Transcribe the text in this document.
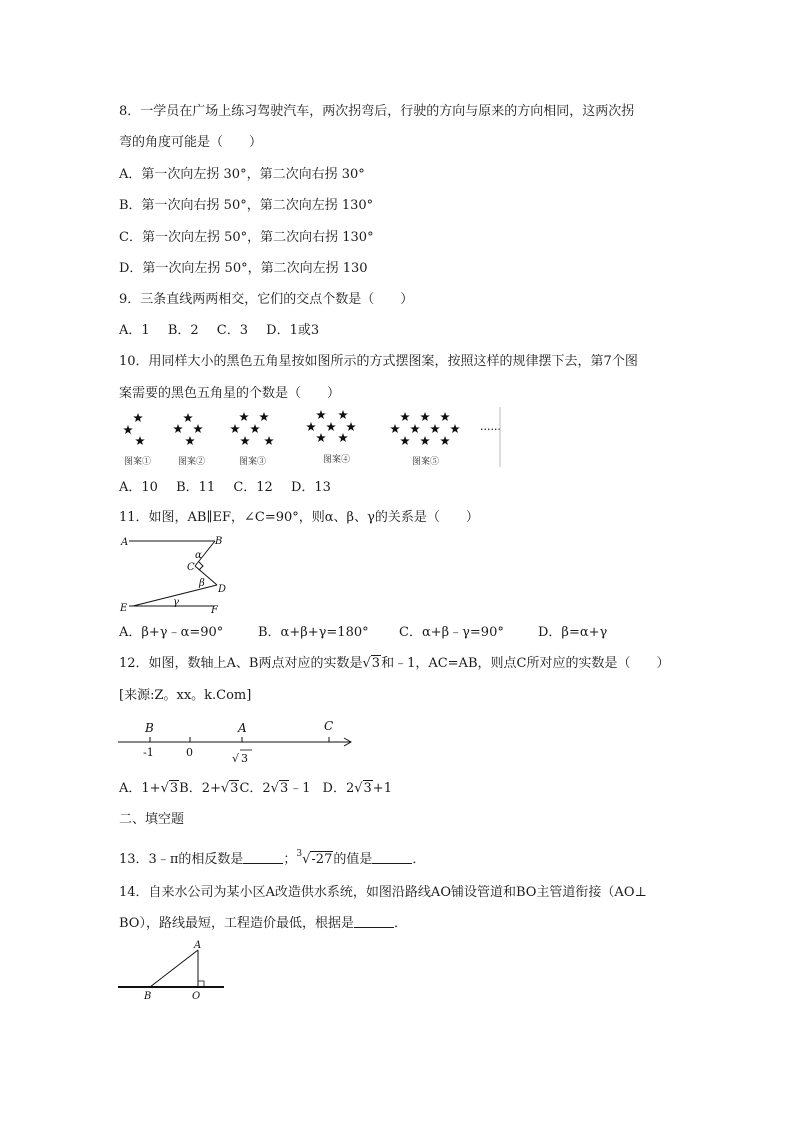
8．一学员在广场上练习驾驶汽车，两次拐弯后，行驶的方向与原来的方向相同，这两次拐
弯的角度可能是（　　）
A．第一次向左拐 30°，第二次向右拐 30°
B．第一次向右拐 50°，第二次向左拐 130°
C．第一次向左拐 50°，第二次向右拐 130°
D．第一次向左拐 50°，第二次向左拐 130
9．三条直线两两相交，它们的交点个数是（　　）
A．1 B．2 C．3 D．1或3
10．用同样大小的黑色五角星按如图所示的方式摆图案，按照这样的规律摆下去，第7个图
案需要的黑色五角星的个数是（　　）
······
图案①	图案②	图案③	图案④	图案⑤
A．10 B．11 C．12 D．13
11．如图，AB∥EF，∠C=90°，则α、β、γ的关系是（　　）
A	B
C
α
β
D
γ
E	F
A．β+γ﹣α=90°	B．α+β+γ=180° C．α+β﹣γ=90°	D．β=α+γ
12．如图，数轴上A、B两点对应的实数是√3和﹣1，AC=AB，则点C所对应的实数是（　　）
[来源:Z。xx。k.Com]
B	A	C
-1	0	√ 3
A．1+√3B．2+√3C．2√3﹣1 D．2√3+1
二、填空题
13．3﹣π的相反数是	；$^3$√-27的值是	．
14．自来水公司为某小区A改造供水系统，如图沿路线AO铺设管道和BO主管道衔接（AO⊥
BO），路线最短，工程造价最低，根据是	．
A
B	O
